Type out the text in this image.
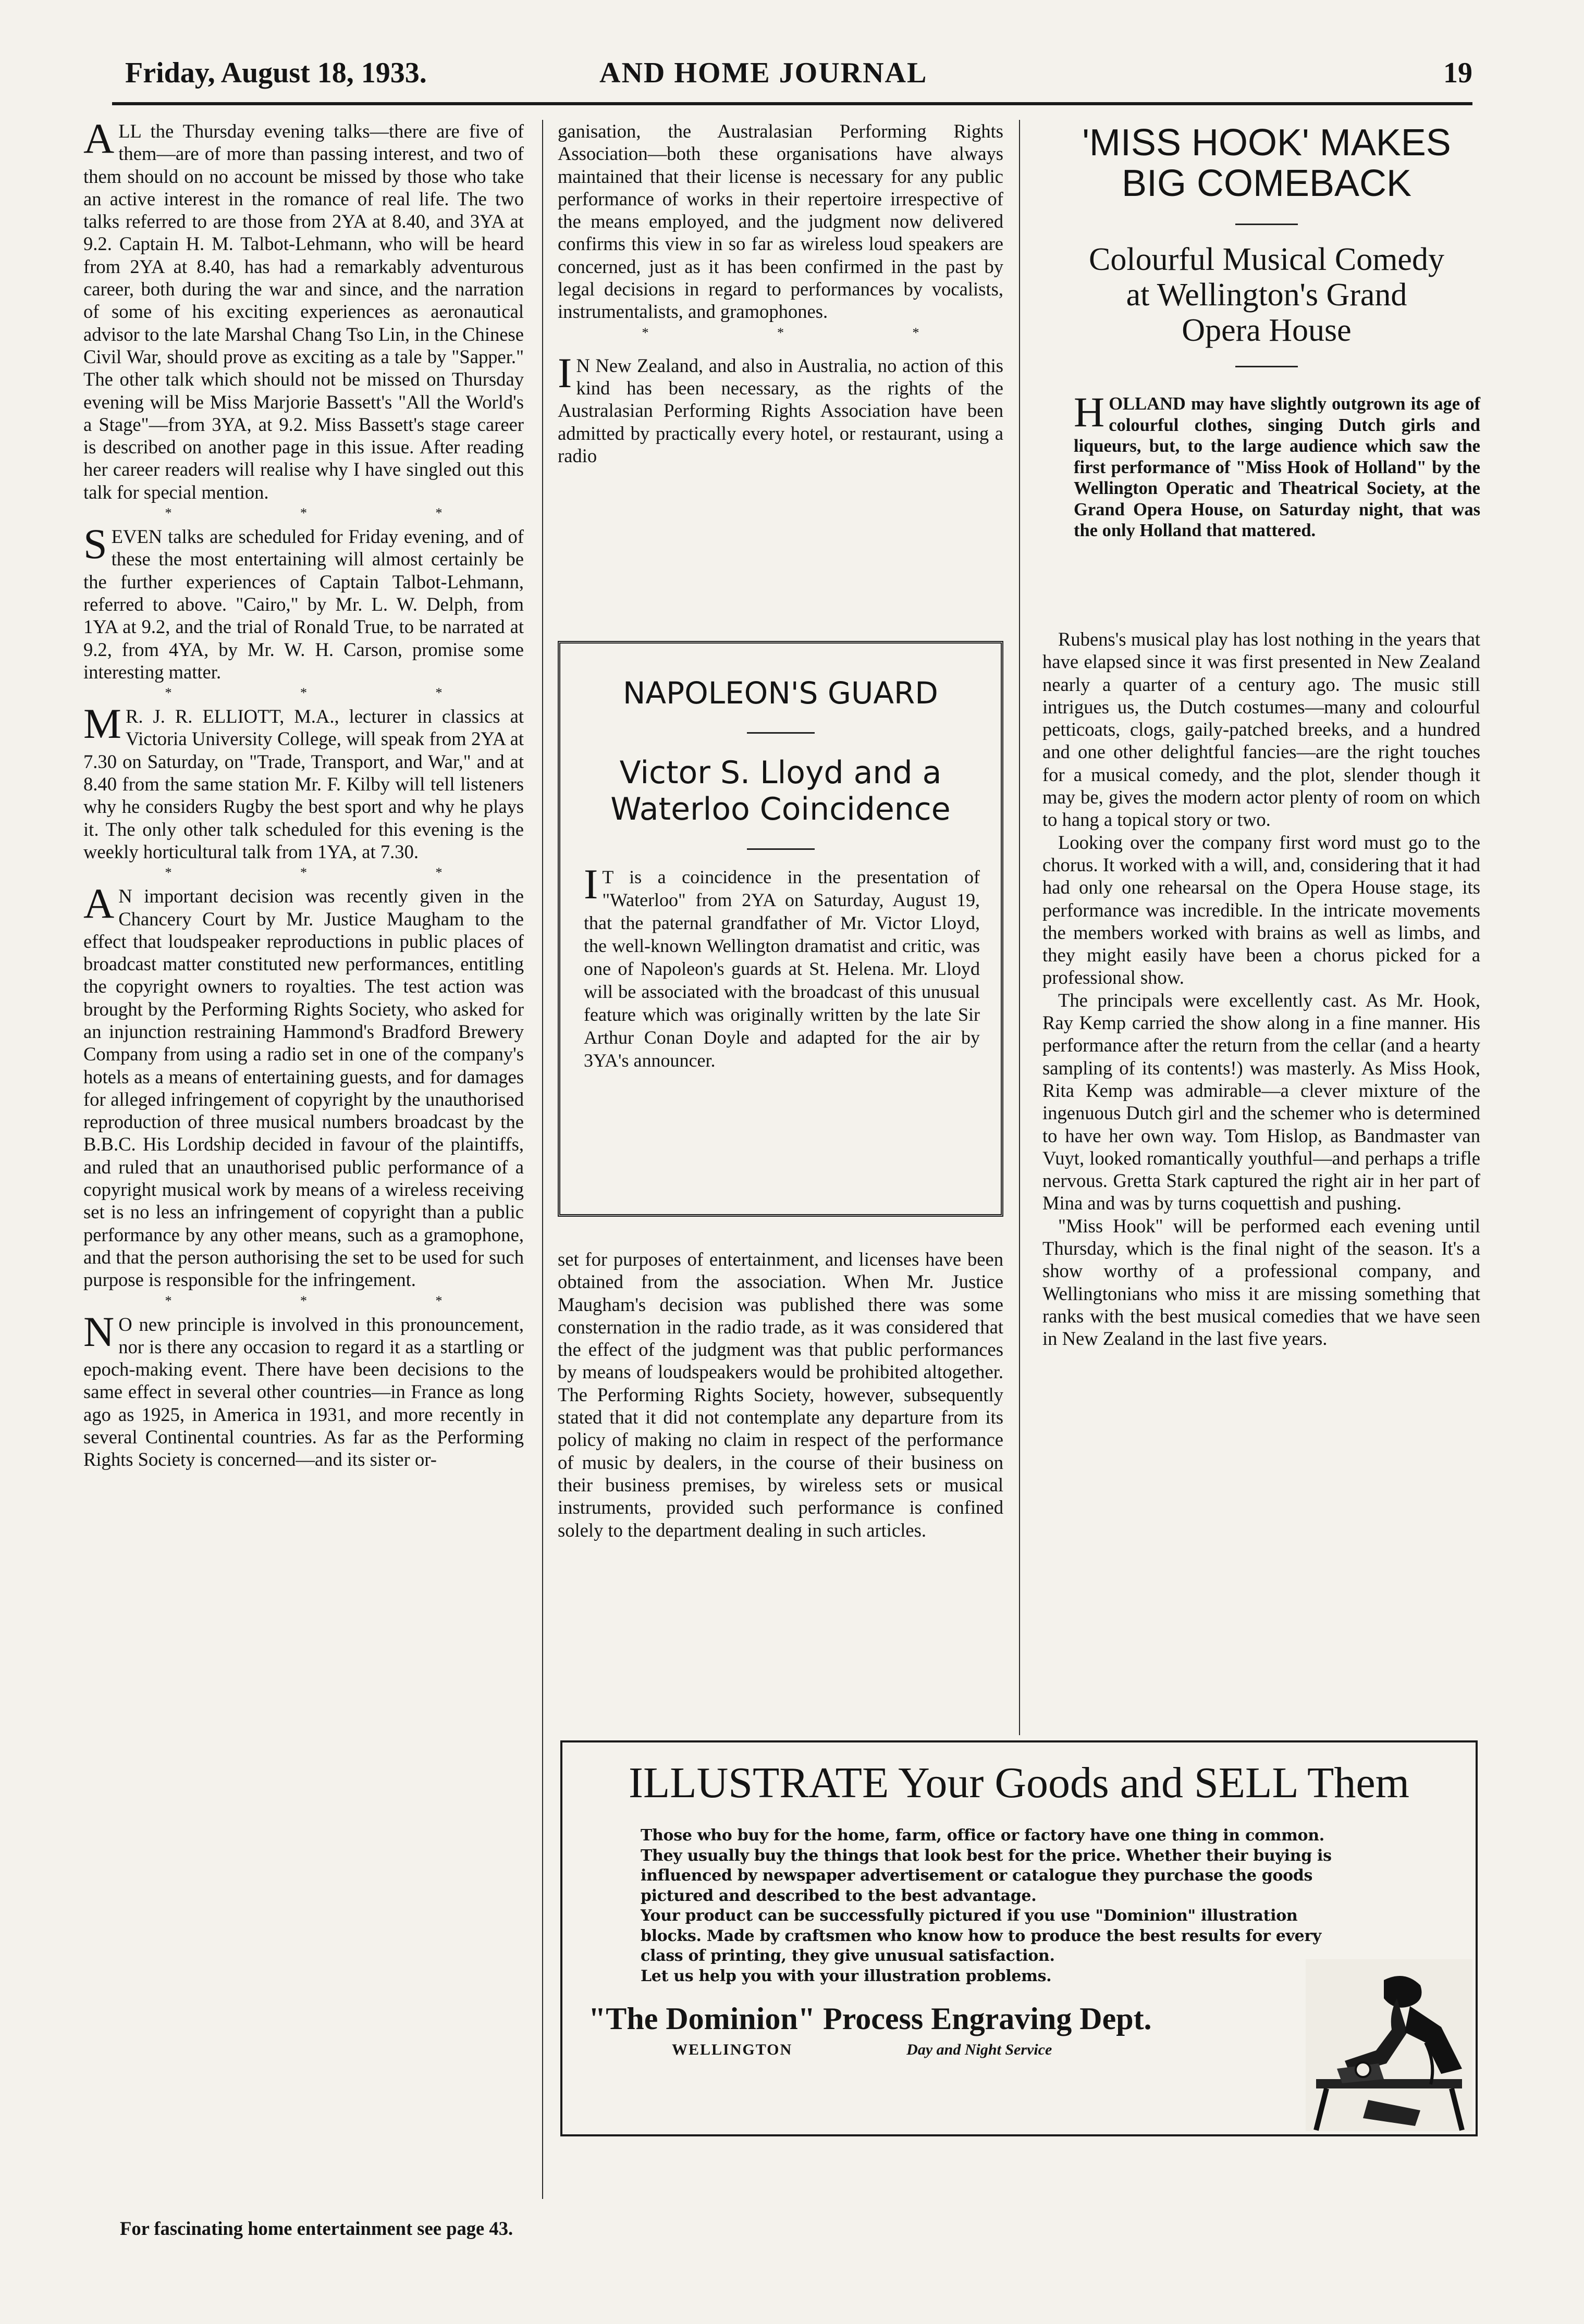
Friday, August 18, 1933.	AND HOME JOURNAL	19

ALL the Thursday evening talks—there are five of them—are of more than passing interest, and two of them should on no account be missed by those who take an active interest in the romance of real life. The two talks referred to are those from 2YA at 8.40, and 3YA at 9.2. Captain H. M. Talbot-Lehmann, who will be heard from 2YA at 8.40, has had a remarkably adventurous career, both during the war and since, and the narration of some of his exciting experiences as aeronautical advisor to the late Marshal Chang Tso Lin, in the Chinese Civil War, should prove as exciting as a tale by "Sapper." The other talk which should not be missed on Thursday evening will be Miss Marjorie Bassett's "All the World's a Stage"—from 3YA, at 9.2. Miss Bassett's stage career is described on another page in this issue. After reading her career readers will realise why I have singled out this talk for special mention.

* * *

SEVEN talks are scheduled for Friday evening, and of these the most entertaining will almost certainly be the further experiences of Captain Talbot-Lehmann, referred to above. "Cairo," by Mr. L. W. Delph, from 1YA at 9.2, and the trial of Ronald True, to be narrated at 9.2, from 4YA, by Mr. W. H. Carson, promise some interesting matter.

* * *

M R. J. R. ELLIOTT, M.A., lecturer in classics at Victoria University College, will speak from 2YA at 7.30 on Saturday, on "Trade, Transport, and War," and at 8.40 from the same station Mr. F. Kilby will tell listeners why he considers Rugby the best sport and why he plays it. The only other talk scheduled for this evening is the weekly horticultural talk from 1YA, at 7.30.

* * *

A N important decision was recently given in the Chancery Court by Mr. Justice Maugham to the effect that loudspeaker reproductions in public places of broadcast matter constituted new performances, entitling the copyright owners to royalties. The test action was brought by the Performing Rights Society, who asked for an injunction restraining Hammond's Bradford Brewery Company from using a radio set in one of the company's hotels as a means of entertaining guests, and for damages for alleged infringement of copyright by the unauthorised reproduction of three musical numbers broadcast by the B.B.C. His Lordship decided in favour of the plaintiffs, and ruled that an unauthorised public performance of a copyright musical work by means of a wireless receiving set is no less an infringement of copyright than a public performance by any other means, such as a gramophone, and that the person authorising the set to be used for such purpose is responsible for the infringement.

* * *

N O new principle is involved in this pronouncement, nor is there any occasion to regard it as a startling or epoch-making event. There have been decisions to the same effect in several other countries—in France as long ago as 1925, in America in 1931, and more recently in several Continental countries. As far as the Performing Rights Society is concerned—and its sister or-

For fascinating home entertainment see page 43.

ganisation, the Australasian Performing Rights Association—both these organisations have always maintained that their license is necessary for any public performance of works in their repertoire irrespective of the means employed, and the judgment now delivered confirms this view in so far as wireless loud speakers are concerned, just as it has been confirmed in the past by legal decisions in regard to performances by vocalists, instrumentalists, and gramophones.

* * *

I N New Zealand, and also in Australia, no action of this kind has been necessary, as the rights of the Australasian Performing Rights Association have been admitted by practically every hotel, or restaurant, using a radio

NAPOLEON'S GUARD
Victor S. Lloyd and a
Waterloo Coincidence
I T is a coincidence in the presentation of "Waterloo" from 2YA on Saturday, August 19, that the paternal grandfather of Mr. Victor Lloyd, the well-known Wellington dramatist and critic, was one of Napoleon's guards at St. Helena. Mr. Lloyd will be associated with the broadcast of this unusual feature which was originally written by the late Sir Arthur Conan Doyle and adapted for the air by 3YA's announcer.

set for purposes of entertainment, and licenses have been obtained from the association. When Mr. Justice Maugham's decision was published there was some consternation in the radio trade, as it was considered that the effect of the judgment was that public performances by means of loudspeakers would be prohibited altogether. The Performing Rights Society, however, subsequently stated that it did not contemplate any departure from its policy of making no claim in respect of the performance of music by dealers, in the course of their business on their business premises, by wireless sets or musical instruments, provided such performance is confined solely to the department dealing in such articles.

'MISS HOOK' MAKES
BIG COMEBACK
Colourful Musical Comedy
at Wellington's Grand
Opera House

HOLLAND may have slightly outgrown its age of colourful clothes, singing Dutch girls and liqueurs, but, to the large audience which saw the first performance of "Miss Hook of Holland" by the Wellington Operatic and Theatrical Society, at the Grand Opera House, on Saturday night, that was the only Holland that mattered.

Rubens's musical play has lost nothing in the years that have elapsed since it was first presented in New Zealand nearly a quarter of a century ago. The music still intrigues us, the Dutch costumes—many and colourful petticoats, clogs, gaily-patched breeks, and a hundred and one other delightful fancies—are the right touches for a musical comedy, and the plot, slender though it may be, gives the modern actor plenty of room on which to hang a topical story or two.

Looking over the company first word must go to the chorus. It worked with a will, and, considering that it had had only one rehearsal on the Opera House stage, its performance was incredible. In the intricate movements the members worked with brains as well as limbs, and they might easily have been a chorus picked for a professional show.

The principals were excellently cast. As Mr. Hook, Ray Kemp carried the show along in a fine manner. His performance after the return from the cellar (and a hearty sampling of its contents!) was masterly. As Miss Hook, Rita Kemp was admirable—a clever mixture of the ingenuous Dutch girl and the schemer who is determined to have her own way. Tom Hislop, as Bandmaster van Vuyt, looked romantically youthful—and perhaps a trifle nervous. Gretta Stark captured the right air in her part of Mina and was by turns coquettish and pushing.

"Miss Hook" will be performed each evening until Thursday, which is the final night of the season. It's a show worthy of a professional company, and Wellingtonians who miss it are missing something that ranks with the best musical comedies that we have seen in New Zealand in the last five years.

ILLUSTRATE Your Goods and SELL Them
Those who buy for the home, farm, office or factory have one thing in common. They usually buy the things that look best for the price. Whether their buying is influenced by newspaper advertisement or catalogue they purchase the goods pictured and described to the best advantage.
Your product can be successfully pictured if you use "Dominion" illustration blocks. Made by craftsmen who know how to produce the best results for every class of printing, they give unusual satisfaction.
Let us help you with your illustration problems.
"The Dominion" Process Engraving Dept.
WELLINGTON	Day and Night Service
